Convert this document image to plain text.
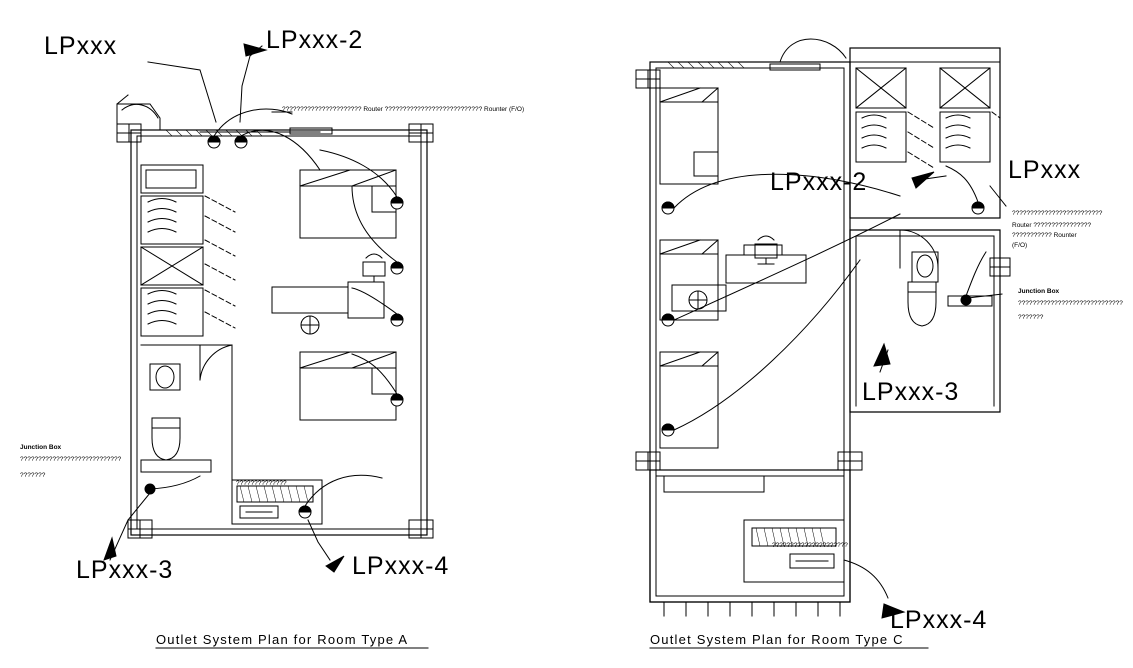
LPxxx	LPxxx-2
LPxxx-3	LPxxx-4
?????????????????????? Router ??????????????????????????? Rounter (F/O)
Junction Box
????????????????????????????
???????
??????????????
Outlet System Plan for Room Type A
LPxxx-2	LPxxx
LPxxx-3
LPxxx-4
?????????????????????????
Router ????????????????
??????????? Rounter
(F/O)
Junction Box
?????????????????????????????
???????
?????????????????????
Outlet System Plan for Room Type C
